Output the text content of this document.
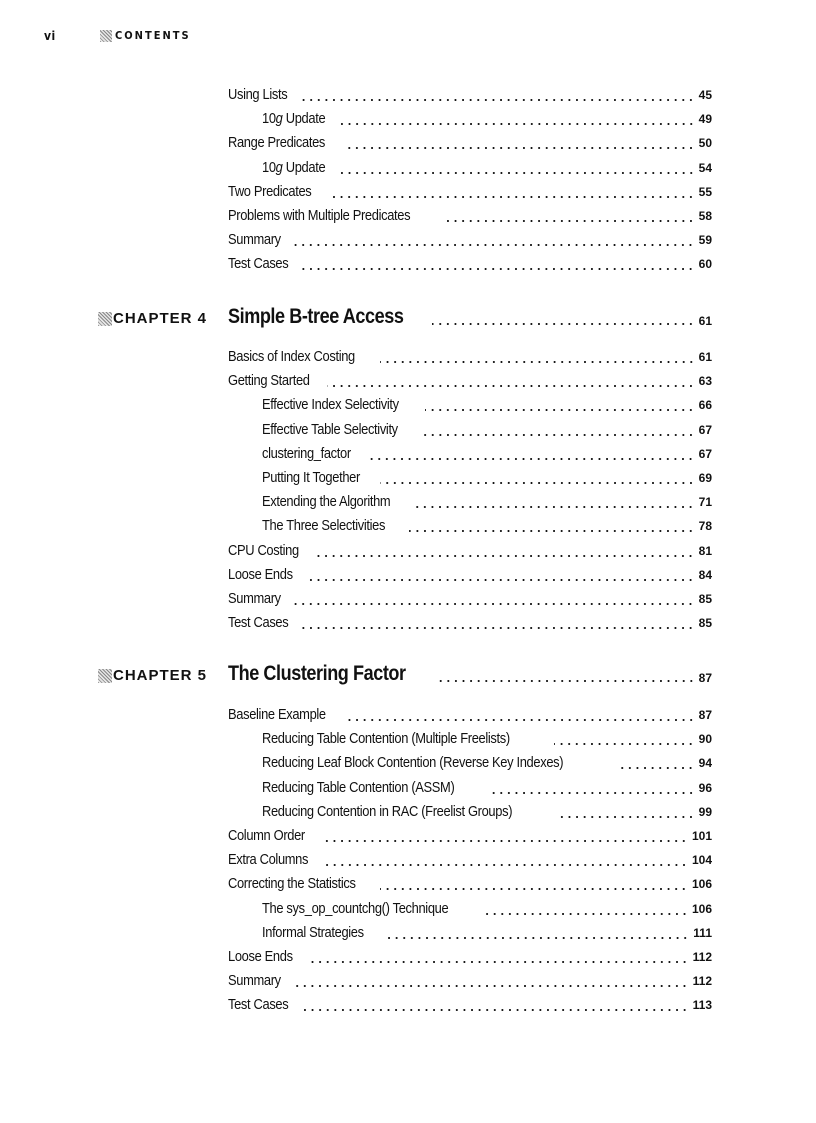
vi	CONTENTS
Using Lists	45
10g Update	49
Range Predicates	50
10g Update	54
Two Predicates	55
Problems with Multiple Predicates	58
Summary	59
Test Cases	60
CHAPTER 4 Simple B-tree Access	61
Basics of Index Costing	61
Getting Started	63
Effective Index Selectivity	66
Effective Table Selectivity	67
clustering_factor	67
Putting It Together	69
Extending the Algorithm	71
The Three Selectivities	78
CPU Costing	81
Loose Ends	84
Summary	85
Test Cases	85
CHAPTER 5 The Clustering Factor	87
Baseline Example	87
Reducing Table Contention (Multiple Freelists)	90
Reducing Leaf Block Contention (Reverse Key Indexes)	94
Reducing Table Contention (ASSM)	96
Reducing Contention in RAC (Freelist Groups)	99
Column Order	101
Extra Columns	104
Correcting the Statistics	106
The sys_op_countchg() Technique	106
Informal Strategies	111
Loose Ends	112
Summary	112
Test Cases	113
